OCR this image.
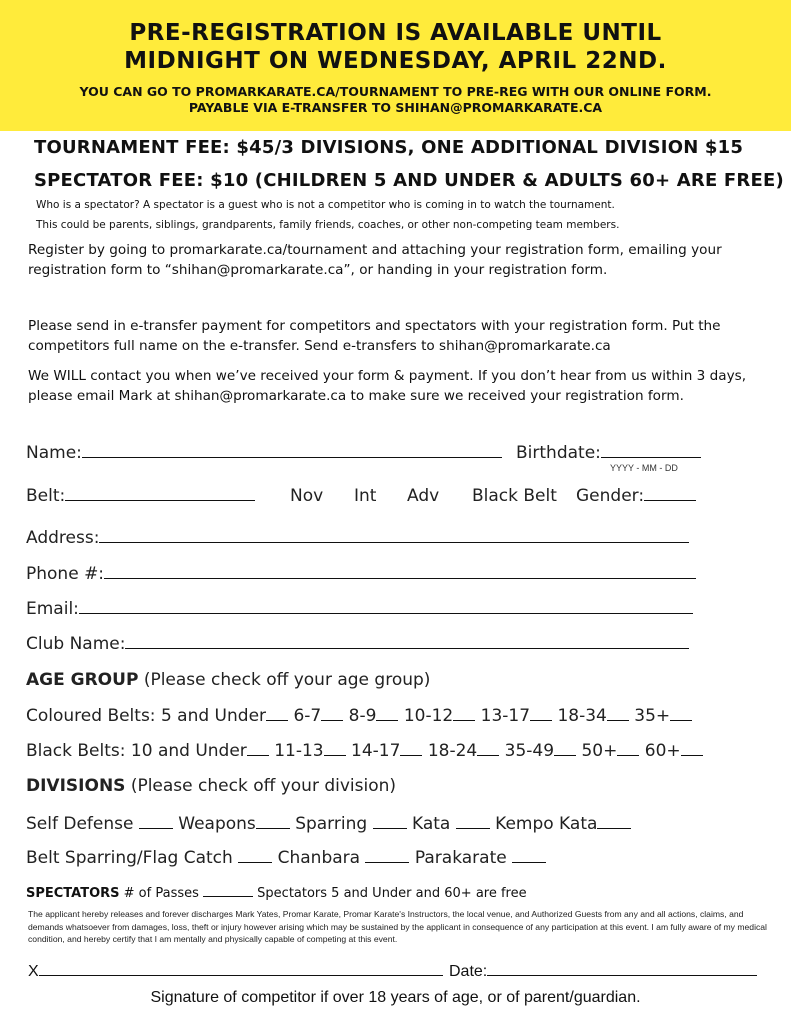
PRE-REGISTRATION IS AVAILABLE UNTIL
MIDNIGHT ON WEDNESDAY, APRIL 22ND.
YOU CAN GO TO PROMARKARATE.CA/TOURNAMENT TO PRE-REG WITH OUR ONLINE FORM.
PAYABLE VIA E-TRANSFER TO SHIHAN@PROMARKARATE.CA
TOURNAMENT FEE: $45/3 DIVISIONS, ONE ADDITIONAL DIVISION $15
SPECTATOR FEE: $10 (CHILDREN 5 AND UNDER & ADULTS 60+ ARE FREE)
Who is a spectator? A spectator is a guest who is not a competitor who is coming in to watch the tournament.
This could be parents, siblings, grandparents, family friends, coaches, or other non-competing team members.
Register by going to promarkarate.ca/tournament and attaching your registration form, emailing your registration form to “shihan@promarkarate.ca”, or handing in your registration form.
Please send in e-transfer payment for competitors and spectators with your registration form. Put the competitors full name on the e-transfer. Send e-transfers to shihan@promarkarate.ca
We WILL contact you when we’ve received your form & payment. If you don’t hear from us within 3 days, please email Mark at shihan@promarkarate.ca to make sure we received your registration form.
Name:	Birthdate:
YYYY - MM - DD
Belt:	Nov Int Adv Black Belt Gender:
Address:
Phone #:
Email:
Club Name:
AGE GROUP (Please check off your age group)
Coloured Belts: 5 and Under 6-7 8-9 10-12 13-17 18-34 35+
Black Belts: 10 and Under 11-13 14-17 18-24 35-49 50+ 60+
DIVISIONS (Please check off your division)
Self Defense	Weapons Sparring	Kata	Kempo Kata
Belt Sparring/Flag Catch	Chanbara	Parakarate
SPECTATORS # of Passes	Spectators 5 and Under and 60+ are free
The applicant hereby releases and forever discharges Mark Yates, Promar Karate, Promar Karate's Instructors, the local venue, and Authorized Guests from any and all actions, claims, and demands whatsoever from damages, loss, theft or injury however arising which may be sustained by the applicant in consequence of any participation at this event. I am fully aware of my medical condition, and hereby certify that I am mentally and physically capable of competing at this event.
X	Date:
Signature of competitor if over 18 years of age, or of parent/guardian.
